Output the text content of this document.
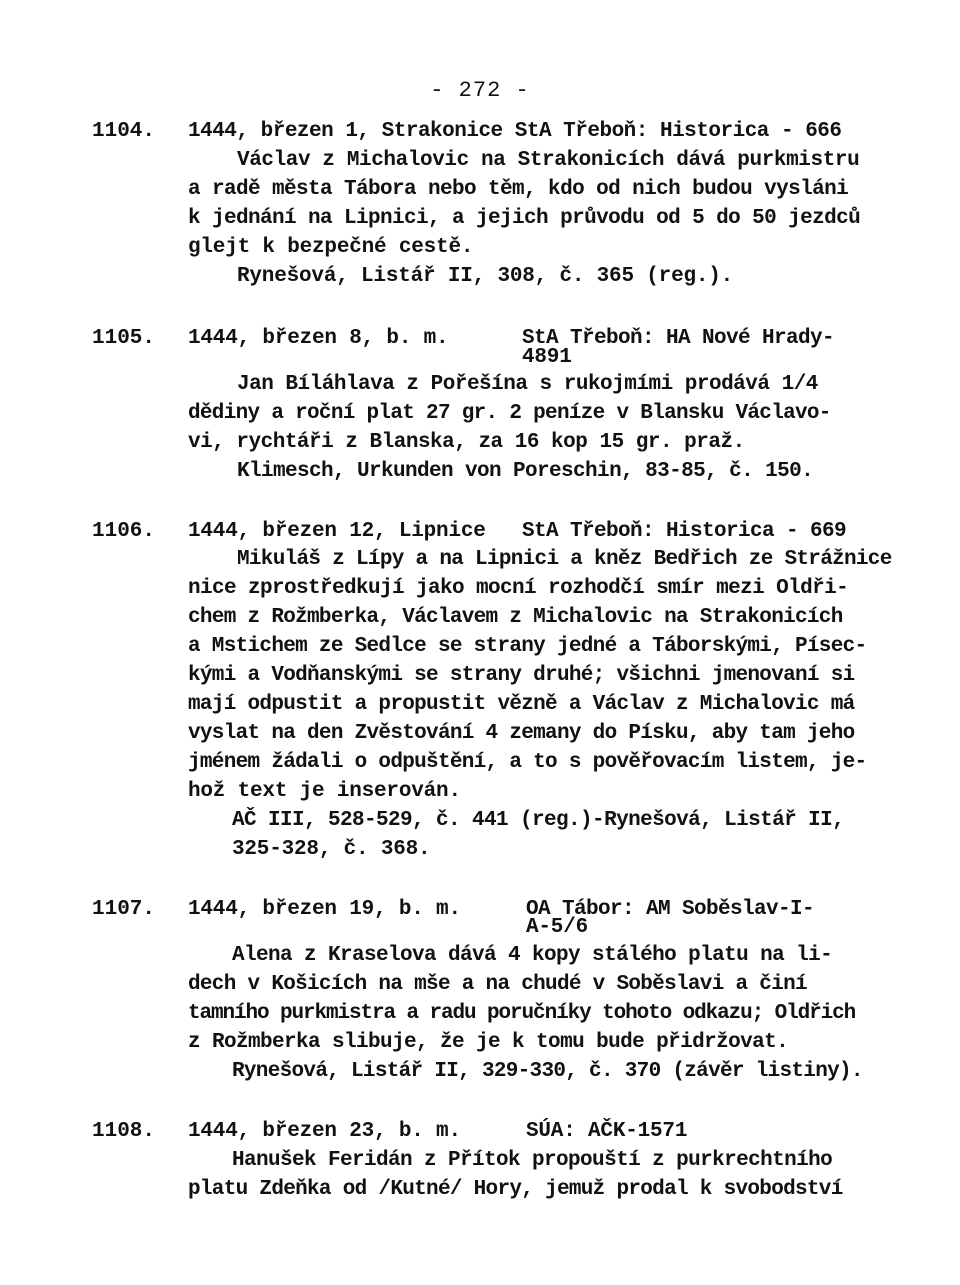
- 272 -
1104. 1444, březen 1, Strakonice StA Třeboň: Historica - 666
Václav z Michalovic na Strakonicích dává purkmistru
a radě města Tábora nebo těm, kdo od nich budou vysláni
k jednání na Lipnici, a jejich průvodu od 5 do 50 jezdců
glejt k bezpečné cestě.
Rynešová, Listář II, 308, č. 365 (reg.).
1105. 1444, březen 8, b. m.	StA Třeboň: HA Nové Hrady-
4891
Jan Bíláhlava z Pořešína s rukojmími prodává 1/4
dědiny a roční plat 27 gr. 2 peníze v Blansku Václavo-
vi, rychtáři z Blanska, za 16 kop 15 gr. praž.
Klimesch, Urkunden von Poreschin, 83-85, č. 150.
1106. 1444, březen 12, Lipnice StA Třeboň: Historica - 669
Mikuláš z Lípy a na Lipnici a kněz Bedřich ze Strážnice
nice zprostředkují jako mocní rozhodčí smír mezi Oldři-
chem z Rožmberka, Václavem z Michalovic na Strakonicích
a Mstichem ze Sedlce se strany jedné a Táborskými, Písec-
kými a Vodňanskými se strany druhé; všichni jmenovaní si
mají odpustit a propustit vězně a Václav z Michalovic má
vyslat na den Zvěstování 4 zemany do Písku, aby tam jeho
jménem žádali o odpuštění, a to s pověřovacím listem, je-
hož text je inserován.
AČ III, 528-529, č. 441 (reg.)-Rynešová, Listář II,
325-328, č. 368.
1107. 1444, březen 19, b. m.	OA Tábor: AM Soběslav-I-
A-5/6
Alena z Kraselova dává 4 kopy stálého platu na li-
dech v Košicích na mše a na chudé v Soběslavi a činí
tamního purkmistra a radu poručníky tohoto odkazu; Oldřich
z Rožmberka slibuje, že je k tomu bude přidržovat.
Rynešová, Listář II, 329-330, č. 370 (závěr listiny).
1108. 1444, březen 23, b. m.	SÚA: AČK-1571
Hanušek Feridán z Přítok propouští z purkrechtního
platu Zdeňka od /Kutné/ Hory, jemuž prodal k svobodství
